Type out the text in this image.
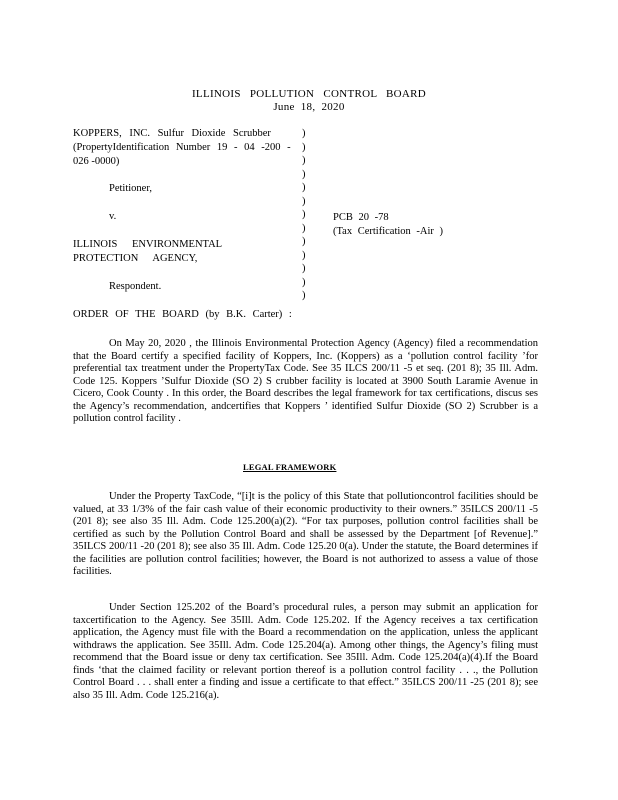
ILLINOIS POLLUTION CONTROL BOARD
June 18, 2020
KOPPERS, INC. Sulfur Dioxide Scrubber
(PropertyIdentification Number 19 - 04 -200 -
026 -0000)
Petitioner,
v.
ILLINOIS ENVIRONMENTAL
PROTECTION AGENCY,
Respondent.
)
)
)
)
)
)
)
)
)
)
)
)
)
PCB 20 -78
(Tax Certification -Air )
ORDER OF THE BOARD (by B.K. Carter) :
On May 20, 2020 , the Illinois Environmental Protection Agency (Agency) filed a recommendation that the Board certify a specified facility of Koppers, Inc. (Koppers) as a ‘pollution control facility ’for preferential tax treatment under the PropertyTax Code. See 35 ILCS 200/11 -5 et seq. (201 8); 35 Ill. Adm. Code 125. Koppers ’Sulfur Dioxide (SO 2) S crubber facility is located at 3900 South Laramie Avenue in Cicero, Cook County . In this order, the Board describes the legal framework for tax certifications, discus ses the Agency’s recommendation, andcertifies that Koppers ’ identified Sulfur Dioxide (SO 2) Scrubber is a pollution control facility .
LEGAL FRAMEWORK
Under the Property TaxCode, “[i]t is the policy of this State that pollutioncontrol facilities should be valued, at 33 1/3% of the fair cash value of their economic productivity to their owners.” 35ILCS 200/11 -5 (201 8); see also 35 Ill. Adm. Code 125.200(a)(2). “For tax purposes, pollution control facilities shall be certified as such by the Pollution Control Board and shall be assessed by the Department [of Revenue].” 35ILCS 200/11 -20 (201 8); see also 35 Ill. Adm. Code 125.20 0(a). Under the statute, the Board determines if the facilities are pollution control facilities; however, the Board is not authorized to assess a value of those facilities.
Under Section 125.202 of the Board’s procedural rules, a person may submit an application for taxcertification to the Agency. See 35Ill. Adm. Code 125.202. If the Agency receives a tax certification application, the Agency must file with the Board a recommendation on the application, unless the applicant withdraws the application. See 35Ill. Adm. Code 125.204(a). Among other things, the Agency’s filing must recommend that the Board issue or deny tax certification. See 35Ill. Adm. Code 125.204(a)(4).If the Board finds ‘that the claimed facility or relevant portion thereof is a pollution control facility . . ., the Pollution Control Board . . . shall enter a finding and issue a certificate to that effect.” 35ILCS 200/11 -25 (201 8); see also 35 Ill. Adm. Code 125.216(a).
